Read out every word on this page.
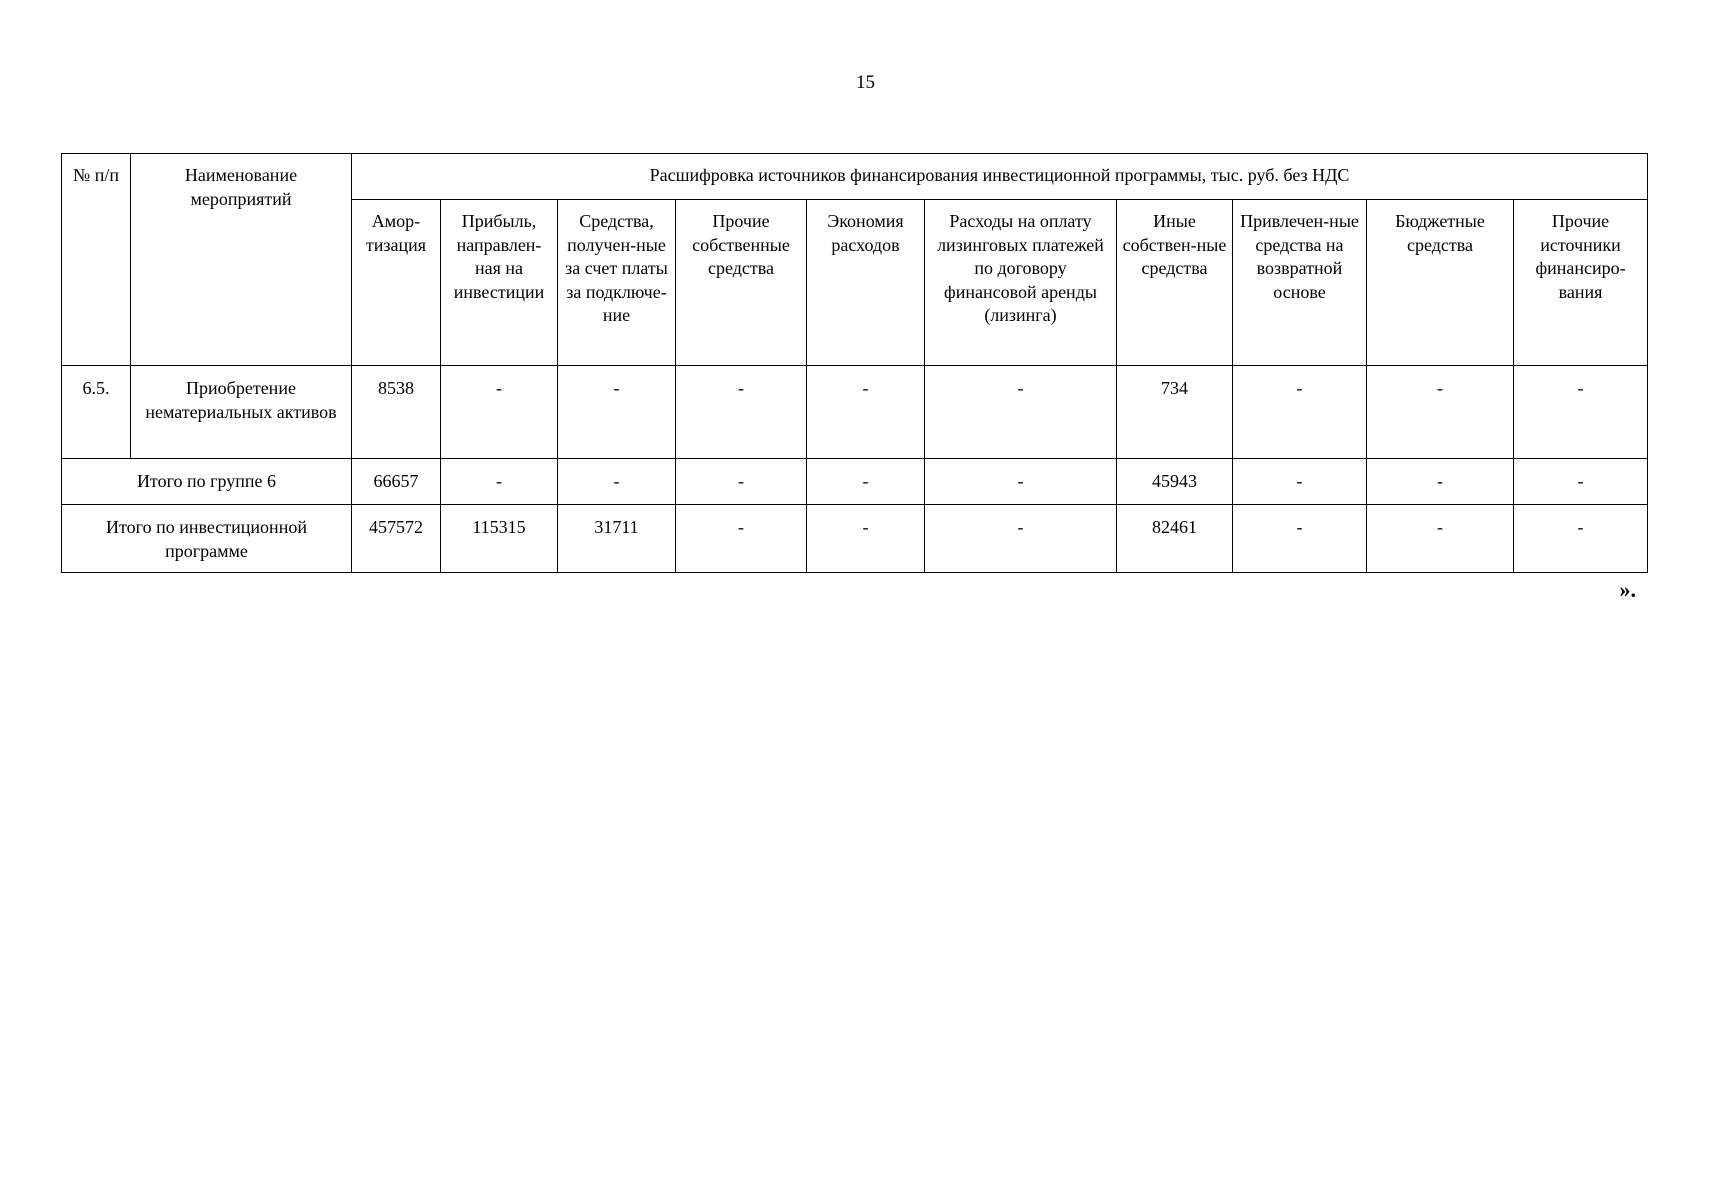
15
№ п/п	Наименование мероприятий	Расшифровка источников финансирования инвестиционной программы, тыс. руб. без НДС									
		Амор-тизация	Прибыль, направлен-ная на инвестиции	Средства, получен-ные за счет платы за подключе-ние	Прочие собственные средства	Экономия расходов	Расходы на оплату лизинговых платежей по договору финансовой аренды (лизинга)	Иные собствен-ные средства	Привлечен-ные средства на возвратной основе	Бюджетные средства	Прочие источники финансиро-вания
6.5.	Приобретение нематериальных активов	8538	-	-	-	-	-	734	-	-	-
Итого по группе 6		66657	-	-	-	-	-	45943	-	-	-
Итого по инвестиционной программе		457572	115315	31711	-	-	-	82461	-	-	-
».
